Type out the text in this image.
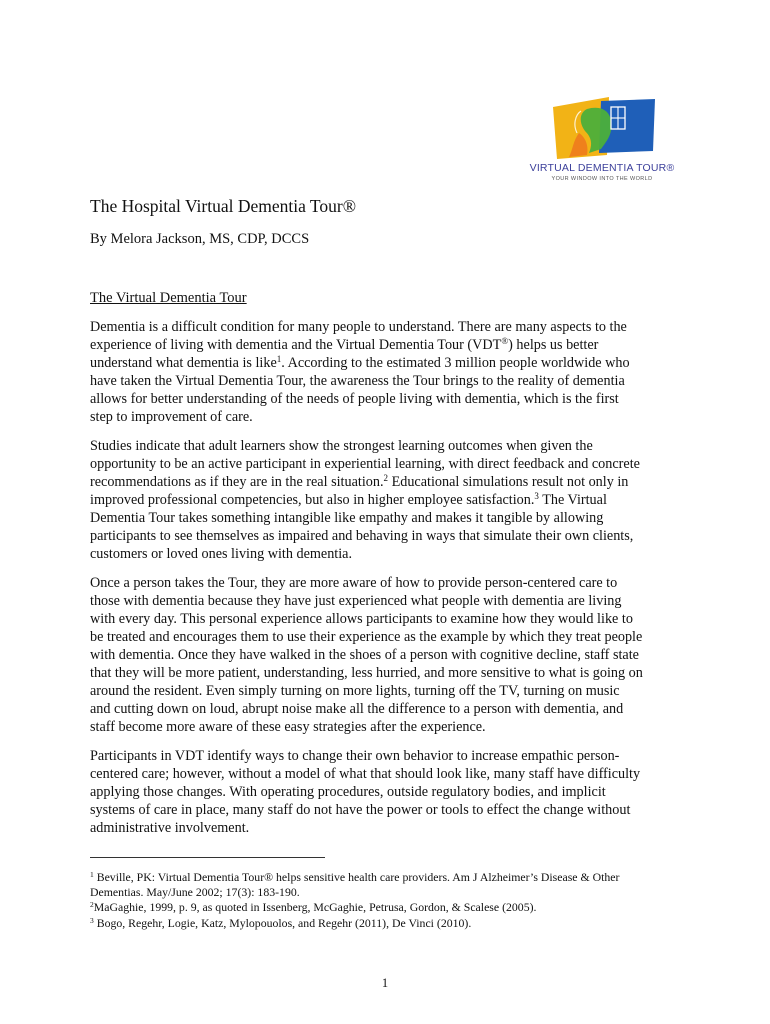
VIRTUAL DEMENTIA TOUR®
YOUR WINDOW INTO THE WORLD
The Hospital Virtual Dementia Tour®
By Melora Jackson, MS, CDP, DCCS
The Virtual Dementia Tour

Dementia is a difficult condition for many people to understand. There are many aspects to the
experience of living with dementia and the Virtual Dementia Tour (VDT®) helps us better
understand what dementia is like$^1$. According to the estimated 3 million people worldwide who
have taken the Virtual Dementia Tour, the awareness the Tour brings to the reality of dementia
allows for better understanding of the needs of people living with dementia, which is the first
step to improvement of care.

Studies indicate that adult learners show the strongest learning outcomes when given the
opportunity to be an active participant in experiential learning, with direct feedback and concrete
recommendations as if they are in the real situation.$^2$ Educational simulations result not only in
improved professional competencies, but also in higher employee satisfaction.$^3$ The Virtual
Dementia Tour takes something intangible like empathy and makes it tangible by allowing
participants to see themselves as impaired and behaving in ways that simulate their own clients,
customers or loved ones living with dementia.

Once a person takes the Tour, they are more aware of how to provide person-centered care to
those with dementia because they have just experienced what people with dementia are living
with every day. This personal experience allows participants to examine how they would like to
be treated and encourages them to use their experience as the example by which they treat people
with dementia. Once they have walked in the shoes of a person with cognitive decline, staff state
that they will be more patient, understanding, less hurried, and more sensitive to what is going on
around the resident. Even simply turning on more lights, turning off the TV, turning on music
and cutting down on loud, abrupt noise make all the difference to a person with dementia, and
staff become more aware of these easy strategies after the experience.

Participants in VDT identify ways to change their own behavior to increase empathic person-
centered care; however, without a model of what that should look like, many staff have difficulty
applying those changes. With operating procedures, outside regulatory bodies, and implicit
systems of care in place, many staff do not have the power or tools to effect the change without
administrative involvement.

$^1$ Beville, PK: Virtual Dementia Tour® helps sensitive health care providers. Am J Alzheimer’s Disease & Other
Dementias. May/June 2002; 17(3): 183-190.
$^2$MaGaghie, 1999, p. 9, as quoted in Issenberg, McGaghie, Petrusa, Gordon, & Scalese (2005).
$^3$ Bogo, Regehr, Logie, Katz, Mylopouolos, and Regehr (2011), De Vinci (2010).
1
